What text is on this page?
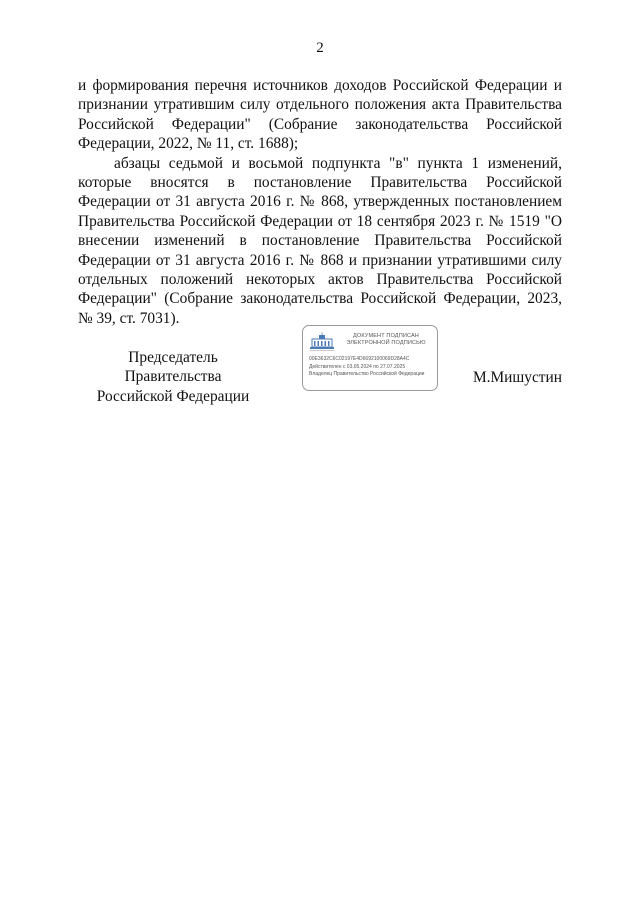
2

и формирования перечня источников доходов Российской Федерации и признании утратившим силу отдельного положения акта Правительства Российской Федерации" (Собрание законодательства Российской Федерации, 2022, № 11, ст. 1688);

абзацы седьмой и восьмой подпункта "в" пункта 1 изменений, которые вносятся в постановление Правительства Российской Федерации от 31 августа 2016 г. № 868, утвержденных постановлением Правительства Российской Федерации от 18 сентября 2023 г. № 1519 "О внесении изменений в постановление Правительства Российской Федерации от 31 августа 2016 г. № 868 и признании утратившими силу отдельных положений некоторых актов Правительства Российской Федерации" (Собрание законодательства Российской Федерации, 2023, № 39, ст. 7031).

Председатель Правительства
Российской Федерации
ДОКУМЕНТ ПОДПИСАН
ЭЛЕКТРОННОЙ ПОДПИСЬЮ
00E3632C6C02197E4D6692100069D28A4C
Действителен с 03.05.2024 по 27.07.2025
Владелец Правительство Российской Федерации	М.Мишустин
